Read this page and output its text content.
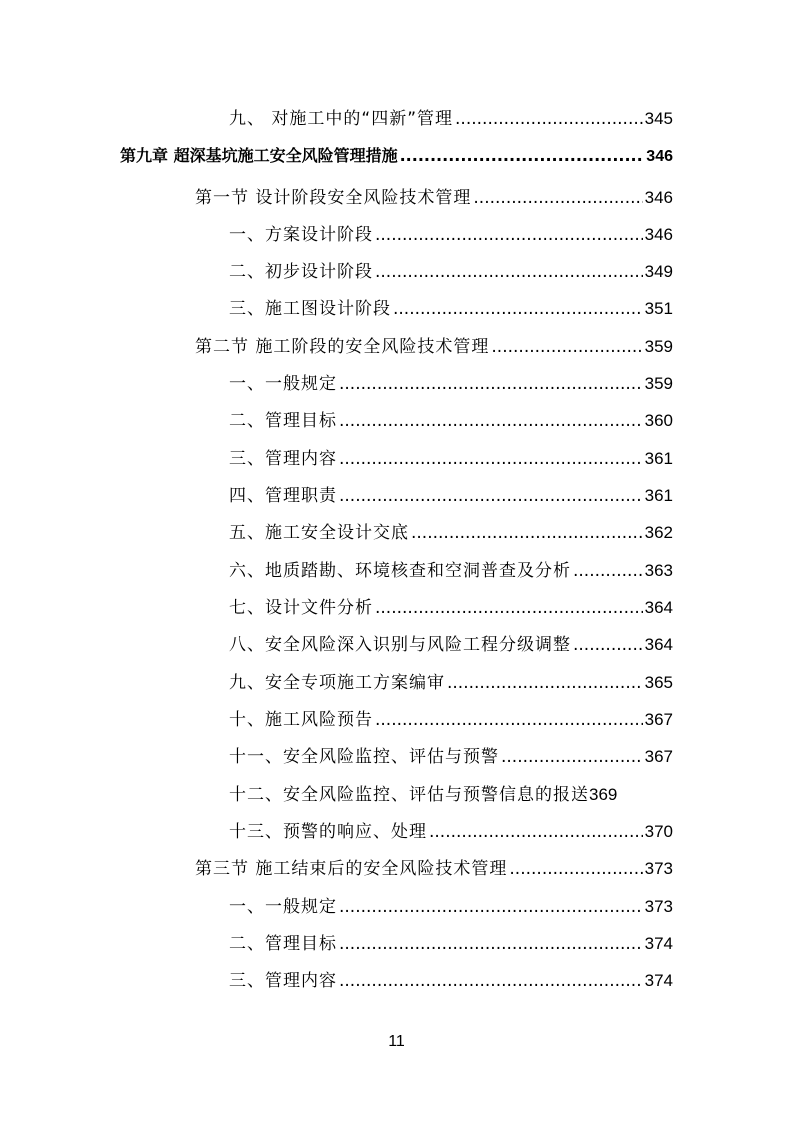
九、 对施工中的“四新”管理 .....	345
第九章 超深基坑施工安全风险管理措施 .....	346
第一节 设计阶段安全风险技术管理 .....	346
一、方案设计阶段 .....	346
二、初步设计阶段 .....	349
三、施工图设计阶段 .....	351
第二节 施工阶段的安全风险技术管理 .....	359
一、一般规定 .....	359
二、管理目标 .....	360
三、管理内容 .....	361
四、管理职责 .....	361
五、施工安全设计交底 .....	362
六、地质踏勘、环境核查和空洞普查及分析 .....	363
七、设计文件分析 .....	364
八、安全风险深入识别与风险工程分级调整 .....	364
九、安全专项施工方案编审 .....	365
十、施工风险预告 .....	367
十一、安全风险监控、评估与预警 .....	367
十二、安全风险监控、评估与预警信息的报送 369
十三、预警的响应、处理 .....	370
第三节 施工结束后的安全风险技术管理 .....	373
一、一般规定 .....	373
二、管理目标 .....	374
三、管理内容 .....	374
11
